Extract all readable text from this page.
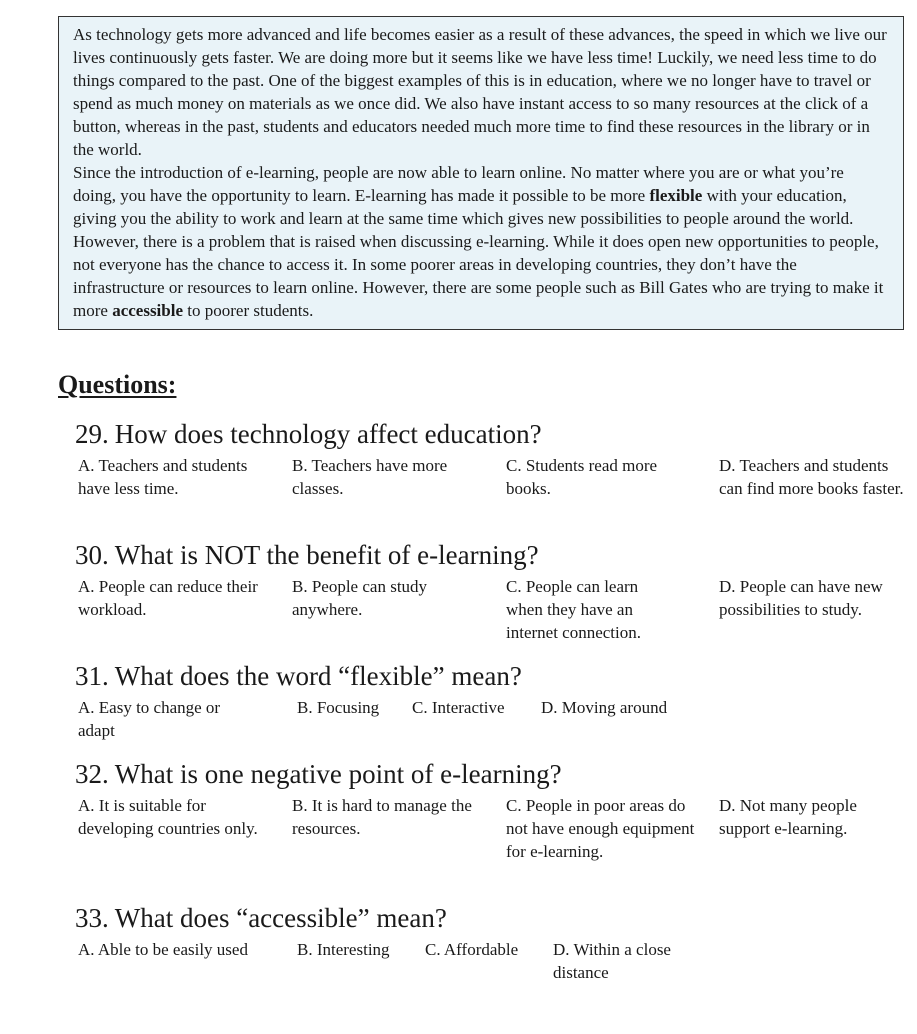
As technology gets more advanced and life becomes easier as a result of these advances, the speed in which we live our lives continuously gets faster. We are doing more but it seems like we have less time! Luckily, we need less time to do things compared to the past. One of the biggest examples of this is in education, where we no longer have to travel or spend as much money on materials as we once did. We also have instant access to so many resources at the click of a button, whereas in the past, students and educators needed much more time to find these resources in the library or in the world.

Since the introduction of e-learning, people are now able to learn online. No matter where you are or what you’re doing, you have the opportunity to learn. E-learning has made it possible to be more flexible with your education, giving you the ability to work and learn at the same time which gives new possibilities to people around the world.

However, there is a problem that is raised when discussing e-learning. While it does open new opportunities to people, not everyone has the chance to access it. In some poorer areas in developing countries, they don’t have the infrastructure or resources to learn online. However, there are some people such as Bill Gates who are trying to make it more accessible to poorer students.

Questions:
29. How does technology affect education?
A. Teachers and students have less time.
B. Teachers have more classes.
C. Students read more books.
D. Teachers and students can find more books faster.
30. What is NOT the benefit of e-learning?
A. People can reduce their workload.
B. People can study anywhere.
C. People can learn when they have an internet connection.
D. People can have new possibilities to study.
31. What does the word “flexible” mean?
A. Easy to change or adapt
B. Focusing	C. Interactive	D. Moving around
32. What is one negative point of e-learning?
A. It is suitable for developing countries only.
B. It is hard to manage the resources.
C. People in poor areas do not have enough equipment for e-learning.
D. Not many people support e-learning.
33. What does “accessible” mean?
A. Able to be easily used	B. Interesting	C. Affordable	D. Within a close distance
